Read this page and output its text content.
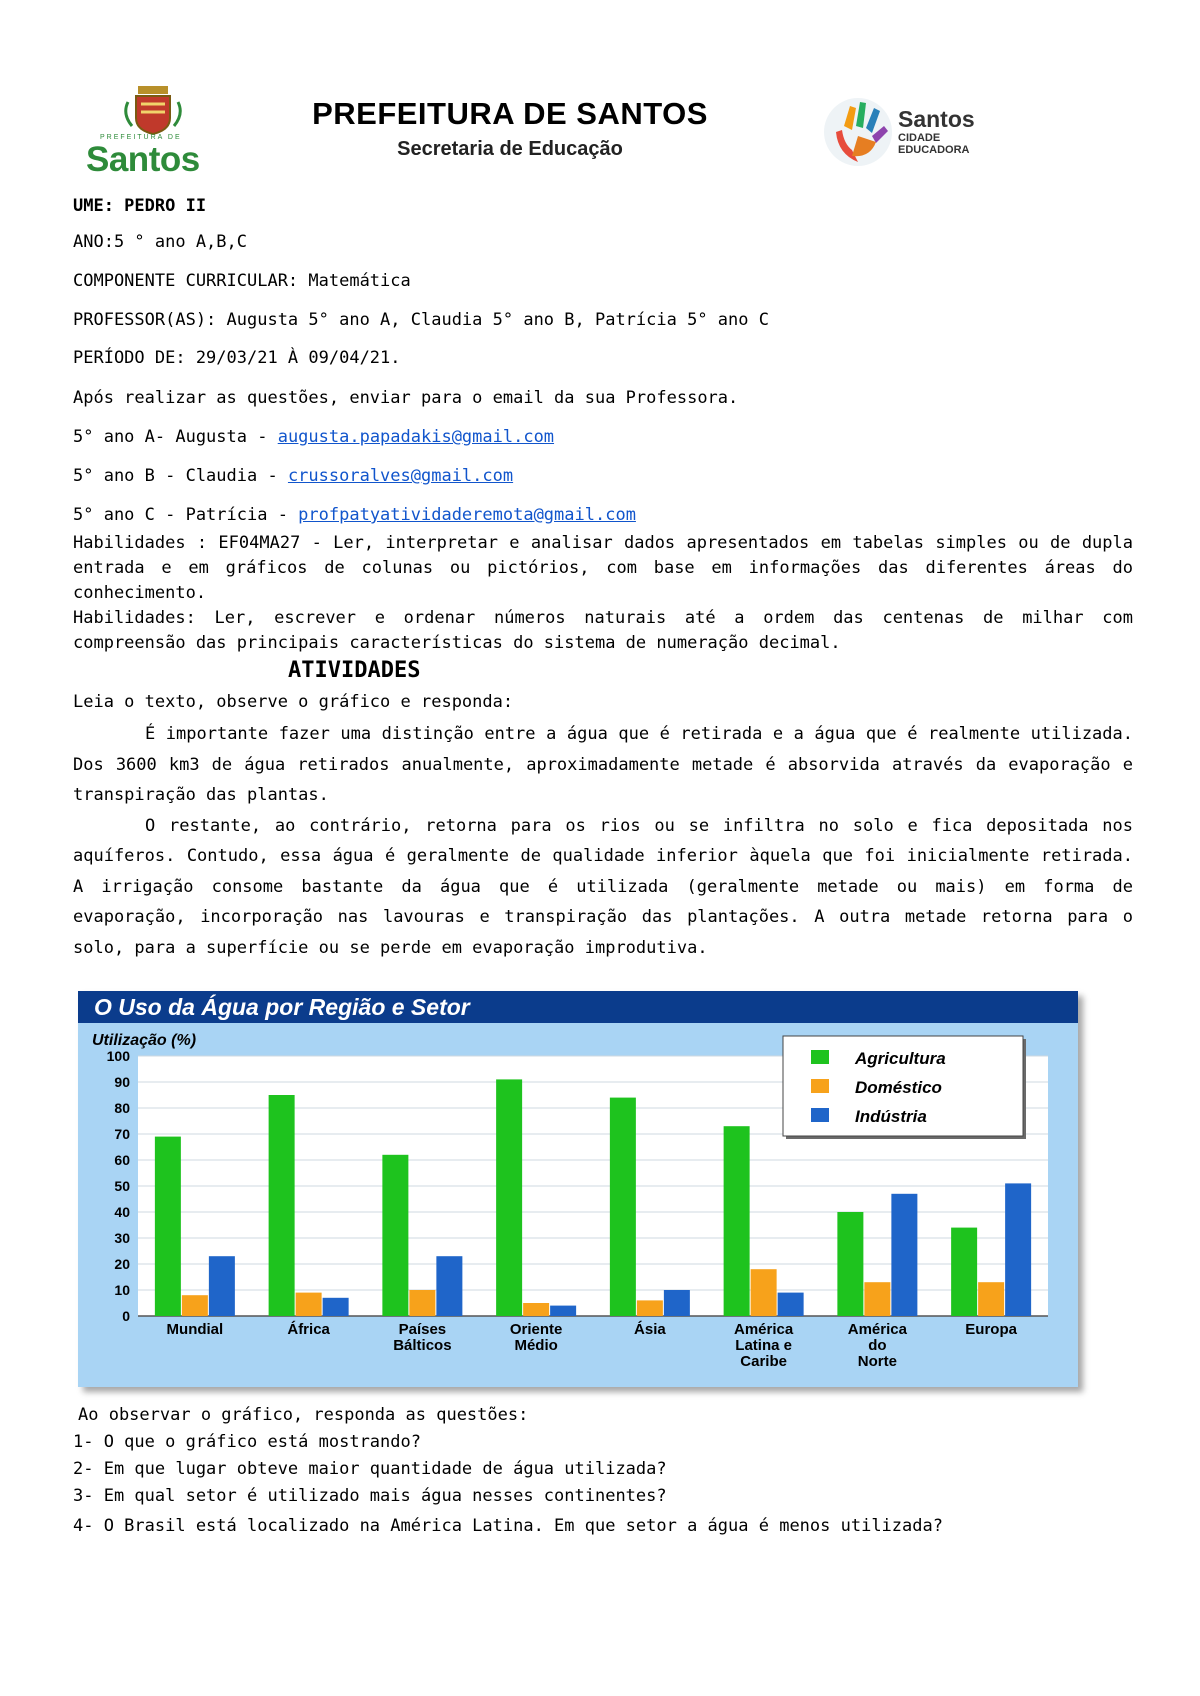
PREFEITURA DE
Santos
PREFEITURA DE SANTOS
Secretaria de Educação
Santos
CIDADE
EDUCADORA
UME: PEDRO II
ANO:5 ° ano A,B,C
COMPONENTE CURRICULAR: Matemática
PROFESSOR(AS): Augusta 5° ano A, Claudia 5° ano B, Patrícia 5° ano C
PERÍODO DE: 29/03/21 À 09/04/21.
Após realizar as questões, enviar para o email da sua Professora.
5° ano A- Augusta - augusta.papadakis@gmail.com
5° ano B - Claudia - crussoralves@gmail.com
5° ano C - Patrícia - profpatyatividaderemota@gmail.com

Habilidades : EF04MA27 - Ler, interpretar e analisar dados apresentados em tabelas simples ou de dupla entrada e em gráficos de colunas ou pictórios, com base em informações das diferentes áreas do conhecimento.

Habilidades: Ler, escrever e ordenar números naturais até a ordem das centenas de milhar com compreensão das principais características do sistema de numeração decimal.

ATIVIDADES
Leia o texto, observe o gráfico e responda:

É importante fazer uma distinção entre a água que é retirada e a água que é realmente utilizada. Dos 3600 km3 de água retirados anualmente, aproximadamente metade é absorvida através da evaporação e transpiração das plantas.

O restante, ao contrário, retorna para os rios ou se infiltra no solo e fica depositada nos aquíferos. Contudo, essa água é geralmente de qualidade inferior àquela que foi inicialmente retirada. A irrigação consome bastante da água que é utilizada (geralmente metade ou mais) em forma de evaporação, incorporação nas lavouras e transpiração das plantações. A outra metade retorna para o solo, para a superfície ou se perde em evaporação improdutiva.

O Uso da Água por Região e Setor
Utilização (%)
0
10
20
30
40
50
60
70
80
90
100
Mundial	África	Países
Bálticos
Oriente
Médio
Ásia	América
Latina e
Caribe
América
do
Norte
Europa
Agricultura
Doméstico
Indústria
Ao observar o gráfico, responda as questões:
1- O que o gráfico está mostrando?
2- Em que lugar obteve maior quantidade de água utilizada?
3- Em qual setor é utilizado mais água nesses continentes?
4- O Brasil está localizado na América Latina. Em que setor a água é menos utilizada?
